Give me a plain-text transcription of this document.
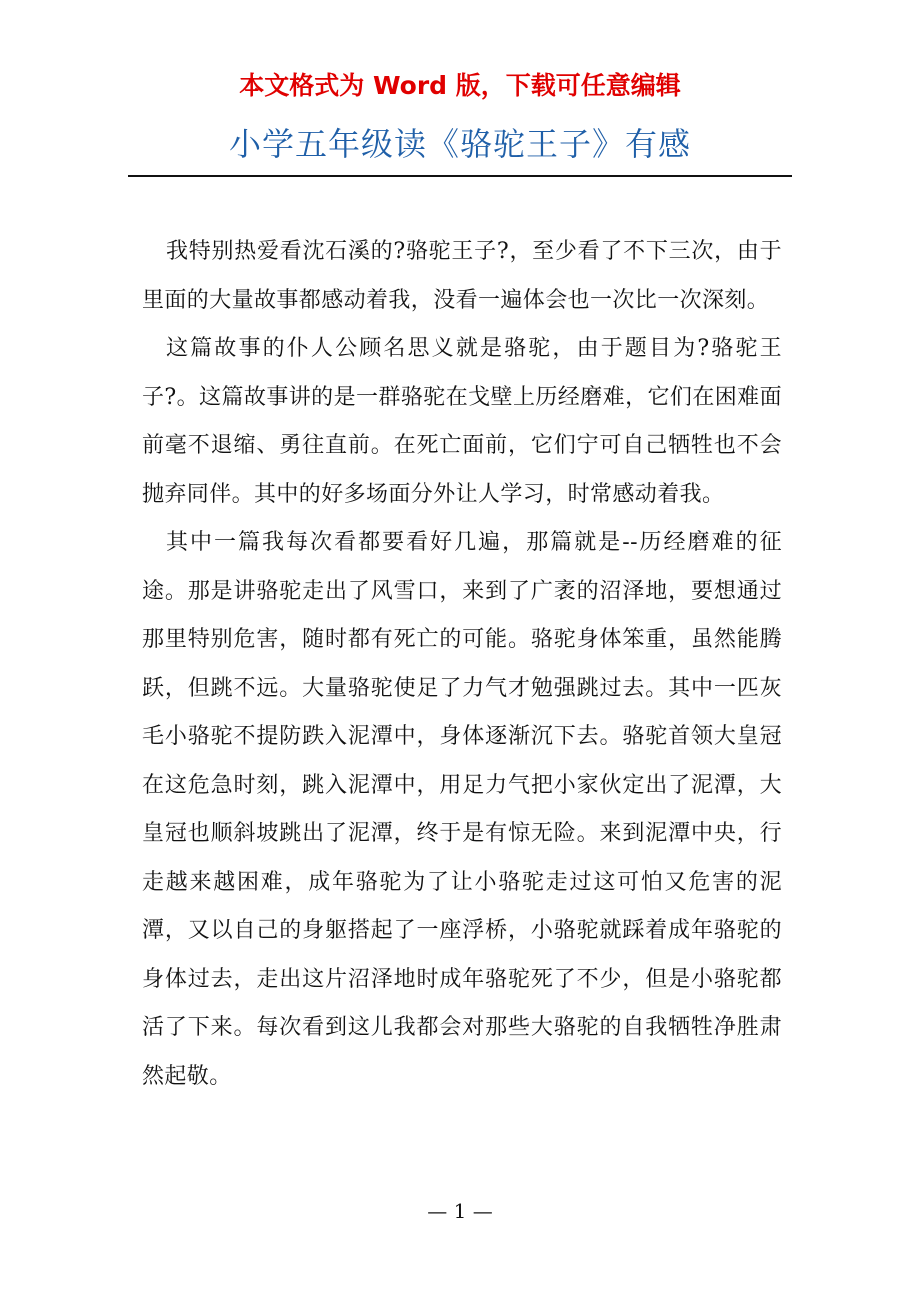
本文格式为 Word 版，下载可任意编辑
小学五年级读《骆驼王子》有感

我特别热爱看沈石溪的?骆驼王子?，至少看了不下三次，由于里面的大量故事都感动着我，没看一遍体会也一次比一次深刻。

这篇故事的仆人公顾名思义就是骆驼，由于题目为?骆驼王子?。这篇故事讲的是一群骆驼在戈壁上历经磨难，它们在困难面前毫不退缩、勇往直前。在死亡面前，它们宁可自己牺牲也不会抛弃同伴。其中的好多场面分外让人学习，时常感动着我。

其中一篇我每次看都要看好几遍，那篇就是--历经磨难的征途。那是讲骆驼走出了风雪口，来到了广袤的沼泽地，要想通过那里特别危害，随时都有死亡的可能。骆驼身体笨重，虽然能腾跃，但跳不远。大量骆驼使足了力气才勉强跳过去。其中一匹灰毛小骆驼不提防跌入泥潭中，身体逐渐沉下去。骆驼首领大皇冠在这危急时刻，跳入泥潭中，用足力气把小家伙定出了泥潭，大皇冠也顺斜坡跳出了泥潭，终于是有惊无险。来到泥潭中央，行走越来越困难，成年骆驼为了让小骆驼走过这可怕又危害的泥潭，又以自己的身躯搭起了一座浮桥，小骆驼就踩着成年骆驼的身体过去，走出这片沼泽地时成年骆驼死了不少，但是小骆驼都活了下来。每次看到这儿我都会对那些大骆驼的自我牺牲净胜肃然起敬。

— 1 —
